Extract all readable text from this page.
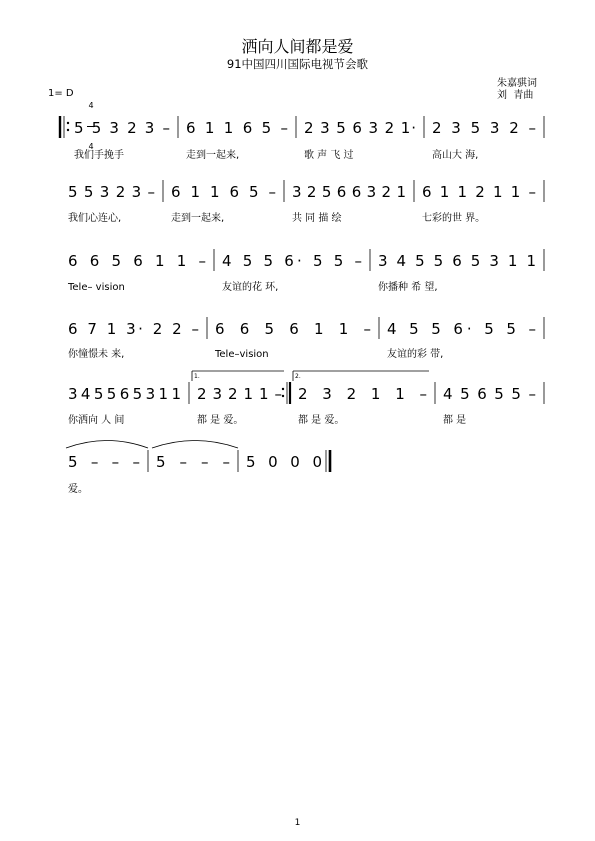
洒向人间都是爱
91中国四川国际电视节会歌
朱嘉骐词
刘  青曲
1= D

4

4

5 5 3 2 3 –
我们手挽手
6 1 1 6 5 –
走到一起来,
2 3 5 6 3 2 1·
歌 声 飞 过
2 3 5 3 2 –
高山大 海,
5 5 3 2 3 –
我们心连心,
6 1 1 6 5 –
走到一起来,
3 2 5 6 6 3 2 1
共 同 描 绘
6 1 1 2 1 1 –
七彩的世 界。
6 6 5 6 1 1 –
Tele– vision
4 5 5 6· 5 5 –
友谊的花 环,
3 4 5 5 6 5 3 1 1
你播种 希 望,
6 7 1 3· 2 2 –
你憧憬未 来,
6 6 5 6 1 1 –
Tele–vision
4 5 5 6· 5 5 –
友谊的彩 带,
3 4 5 5 6 5 3 1 1
你洒向 人 间
2 3 2 1 1 –
都 是 爱。
1.
2 3 2 1 1 –
都 是 爱。
2.
4 5 6 5 5 –
都 是
5 – – –
爱。
5 – – – 5 0 0 0
1
